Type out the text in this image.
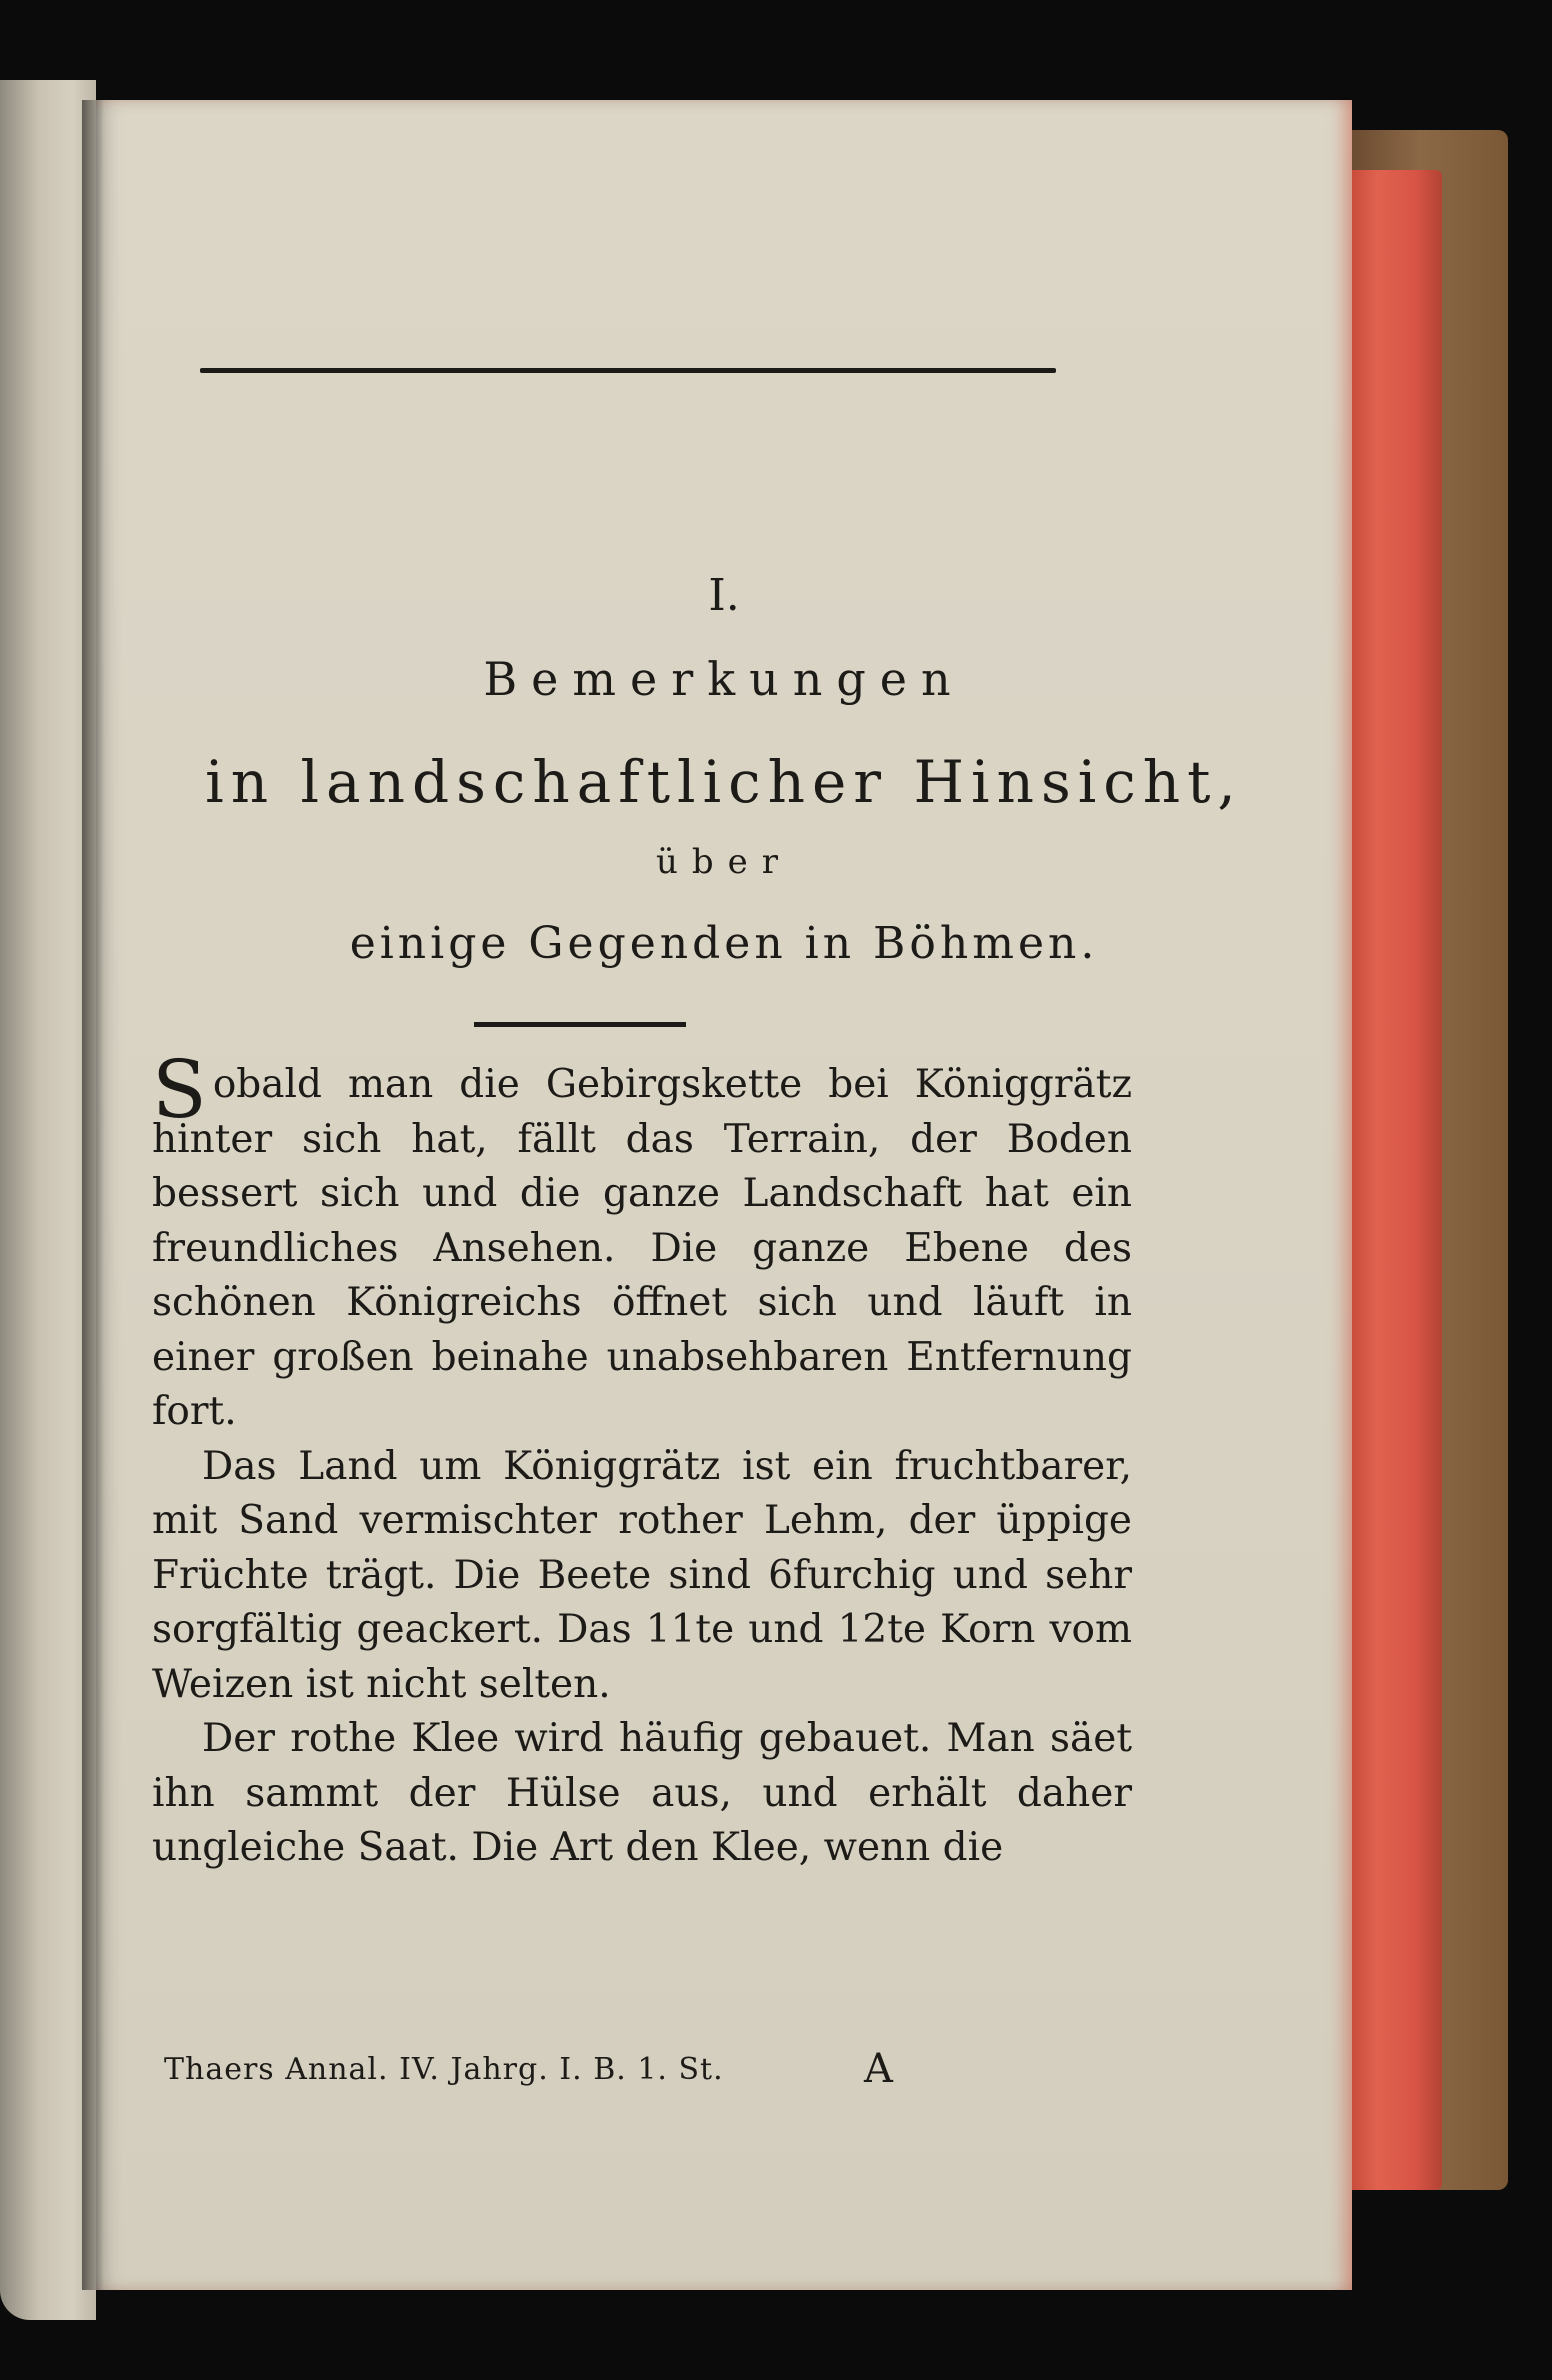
I.
Bemerkungen
in landschaftlicher Hinsicht,
über
einige Gegenden in Böhmen.

Sobald man die Gebirgskette bei Königgrätz hinter sich hat, fällt das Terrain, der Boden bessert sich und die ganze Landschaft hat ein freundliches Ansehen. Die ganze Ebene des schönen Königreichs öffnet sich und läuft in einer großen beinahe unabsehbaren Entfernung fort.

Das Land um Königgrätz ist ein fruchtbarer, mit Sand vermischter rother Lehm, der üppige Früchte trägt. Die Beete sind 6furchig und sehr sorgfältig geackert. Das 11te und 12te Korn vom Weizen ist nicht selten.

Der rothe Klee wird häufig gebauet. Man säet ihn sammt der Hülse aus, und erhält daher ungleiche Saat. Die Art den Klee, wenn die

Thaers Annal. IV. Jahrg. I. B. 1. St.	A
